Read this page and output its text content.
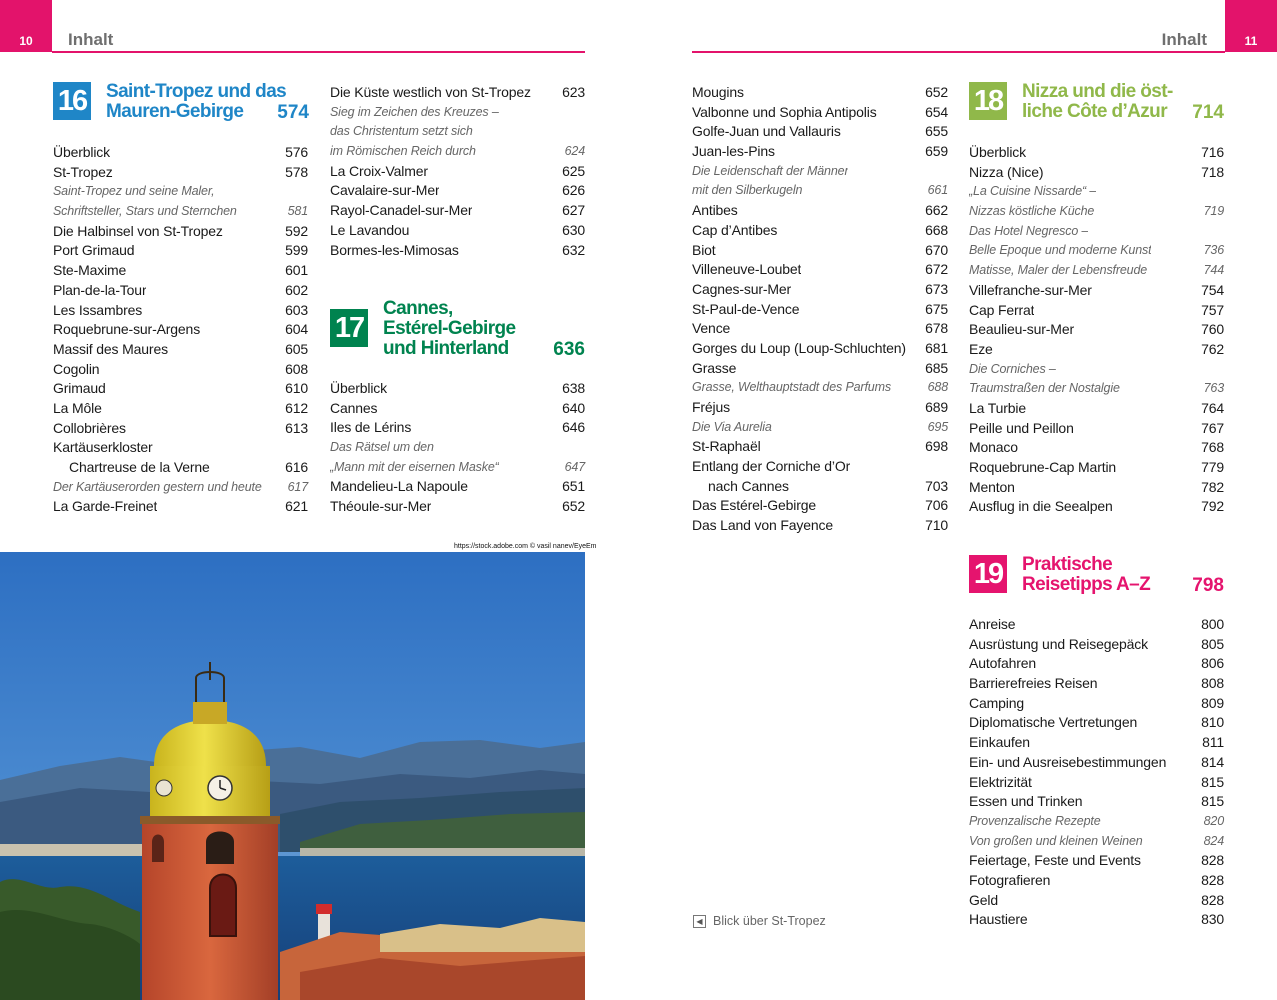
10	Inhalt	Inhalt	11
16 Saint-Tropez und das
Mauren-Gebirge	574
17
Cannes,
Estérel-Gebirge
und Hinterland	636
18 Nizza und die öst-
liche Côte d’Azur	714
19 Praktische
Reisetipps A–Z	798
Überblick	576
St-Tropez	578
Saint-Tropez und seine Maler,
Schriftsteller, Stars und Sternchen	581
Die Halbinsel von St-Tropez	592
Port Grimaud	599
Ste-Maxime	601
Plan-de-la-Tour	602
Les Issambres	603
Roquebrune-sur-Argens	604
Massif des Maures	605
Cogolin	608
Grimaud	610
La Môle	612
Collobrières	613
Kartäuserkloster
Chartreuse de la Verne	616
Der Kartäuserorden gestern und heute	617
La Garde-Freinet	621
Die Küste westlich von St-Tropez	623
Sieg im Zeichen des Kreuzes –
das Christentum setzt sich
im Römischen Reich durch	624
La Croix-Valmer	625
Cavalaire-sur-Mer	626
Rayol-Canadel-sur-Mer	627
Le Lavandou	630
Bormes-les-Mimosas	632
Überblick	638
Cannes	640
Iles de Lérins	646
Das Rätsel um den
„Mann mit der eisernen Maske“	647
Mandelieu-La Napoule	651
Théoule-sur-Mer	652
Mougins	652
Valbonne und Sophia Antipolis	654
Golfe-Juan und Vallauris	655
Juan-les-Pins	659
Die Leidenschaft der Männer
mit den Silberkugeln	661
Antibes	662
Cap d’Antibes	668
Biot	670
Villeneuve-Loubet	672
Cagnes-sur-Mer	673
St-Paul-de-Vence	675
Vence	678
Gorges du Loup (Loup-Schluchten)	681
Grasse	685
Grasse, Welthauptstadt des Parfums	688
Fréjus	689
Die Via Aurelia	695
St-Raphaël	698
Entlang der Corniche d’Or
nach Cannes	703
Das Estérel-Gebirge	706
Das Land von Fayence	710
Überblick	716
Nizza (Nice)	718
„La Cuisine Nissarde“ –
Nizzas köstliche Küche	719
Das Hotel Negresco –
Belle Epoque und moderne Kunst	736
Matisse, Maler der Lebensfreude	744
Villefranche-sur-Mer	754
Cap Ferrat	757
Beaulieu-sur-Mer	760
Eze	762
Die Corniches –
Traumstraßen der Nostalgie	763
La Turbie	764
Peille und Peillon	767
Monaco	768
Roquebrune-Cap Martin	779
Menton	782
Ausflug in die Seealpen	792
Anreise	800
Ausrüstung und Reisegepäck	805
Autofahren	806
Barrierefreies Reisen	808
Camping	809
Diplomatische Vertretungen	810
Einkaufen	811
Ein- und Ausreisebestimmungen	814
Elektrizität	815
Essen und Trinken	815
Provenzalische Rezepte	820
Von großen und kleinen Weinen	824
Feiertage, Feste und Events	828
Fotografieren	828
Geld	828
Haustiere	830
https://stock.adobe.com © vasil nanev/EyeEm
◀ Blick über St-Tropez
